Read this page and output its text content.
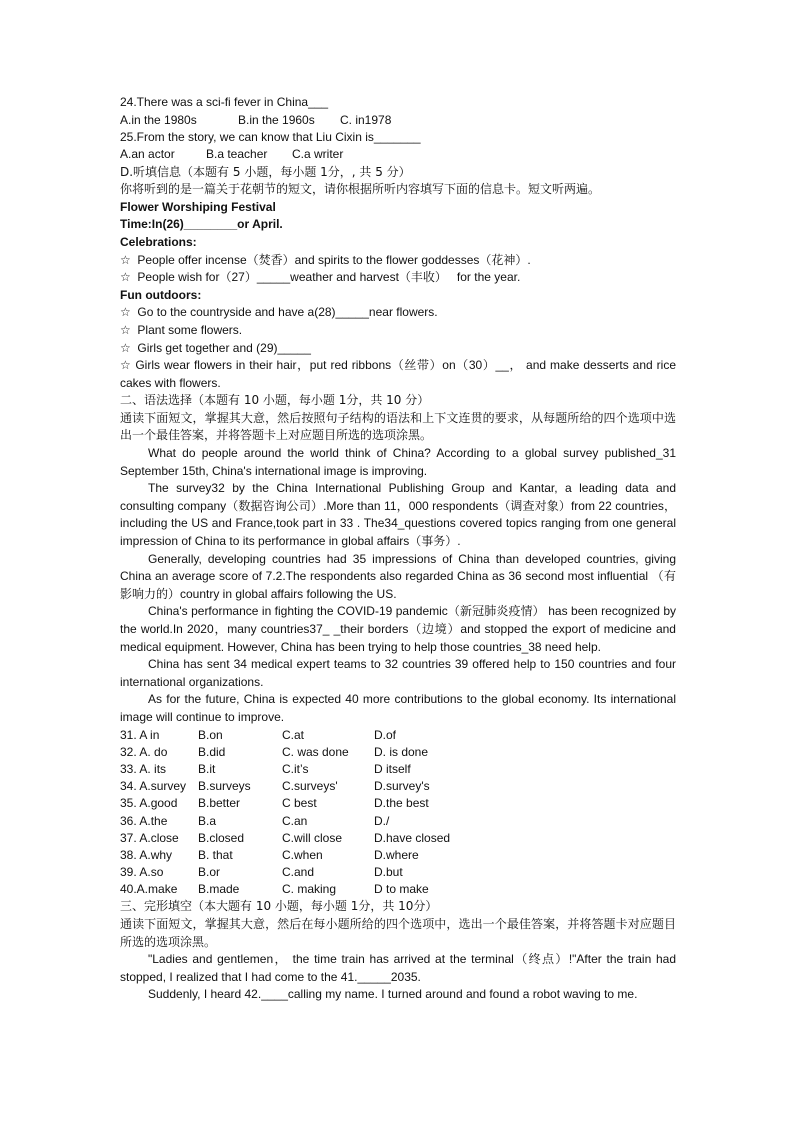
24.There was a sci-fi fever in China___
A.in the 1980s	B.in the 1960s	C. in1978
25.From the story, we can know that Liu Cixin is_______
A.an actor	B.a teacher	C.a writer
D.听填信息（本题有 5 小题，每小题 1分，, 共 5 分）
你将听到的是一篇关于花朝节的短文，请你根据所听内容填写下面的信息卡。短文听两遍。
Flower Worshiping Festival
Time:In(26)________or April.
Celebrations:
☆  People offer incense（焚香）and spirits to the flower goddesses（花神）.
☆  People wish for（27）_____weather and harvest（丰收）   for the year.
Fun outdoors:
☆  Go to the countryside and have a(28)_____near flowers.
☆  Plant some flowers.
☆  Girls get together and (29)_____
☆ Girls wear flowers in their hair，put red ribbons（丝带）on（30）__， and make desserts and rice cakes with flowers.
二、语法选择（本题有 10 小题，每小题 1分，共 10 分）
通读下面短文，掌握其大意，然后按照句子结构的语法和上下文连贯的要求，从每题所给的四个选项中选出一个最佳答案，并将答题卡上对应题目所选的选项涂黑。
What do people around the world think of China? According to a global survey published_31 September 15th, China's international image is improving.
The survey32 by the China International Publishing Group and Kantar, a leading data and consulting company（数据咨询公司）.More than 11，000 respondents（调查对象）from 22 countries，including the US and France,took part in 33 . The34_questions covered topics ranging from one general impression of China to its performance in global affairs（事务）.
Generally, developing countries had 35 impressions of China than developed countries, giving China an average score of 7.2.The respondents also regarded China as 36 second most influential （有影响力的）country in global affairs following the US.
China's performance in fighting the COVID-19 pandemic（新冠肺炎疫情） has been recognized by the world.In 2020，many countries37_ _their borders（边境）and stopped the export of medicine and medical equipment. However, China has been trying to help those countries_38 need help.
China has sent 34 medical expert teams to 32 countries 39 offered help to 150 countries and four international organizations.
As for the future, China is expected 40 more contributions to the global economy. Its international image will continue to improve.
31. A in	B.on	C.at	D.of
32. A. do	B.did	C. was done	D. is done
33. A. its	B.it	C.it’s	D itself
34. A.survey B.surveys	C.surveys'	D.survey's
35. A.good	B.better	C best	D.the best
36. A.the	B.a	C.an	D./
37. A.close	B.closed	C.will close	D.have closed
38. A.why	B. that	C.when	D.where
39. A.so	B.or	C.and	D.but
40.A.make	B.made	C. making	D to make
三、完形填空（本大题有 10 小题，每小题 1分，共 10分）
通读下面短文，掌握其大意，然后在每小题所给的四个选项中，选出一个最佳答案，并将答题卡对应题目所选的选项涂黑。
"Ladies and gentlemen， the time train has arrived at the terminal（终点）!"After the train had stopped, I realized that I had come to the 41._____2035.
Suddenly, I heard 42.____calling my name. I turned around and found a robot waving to me.
